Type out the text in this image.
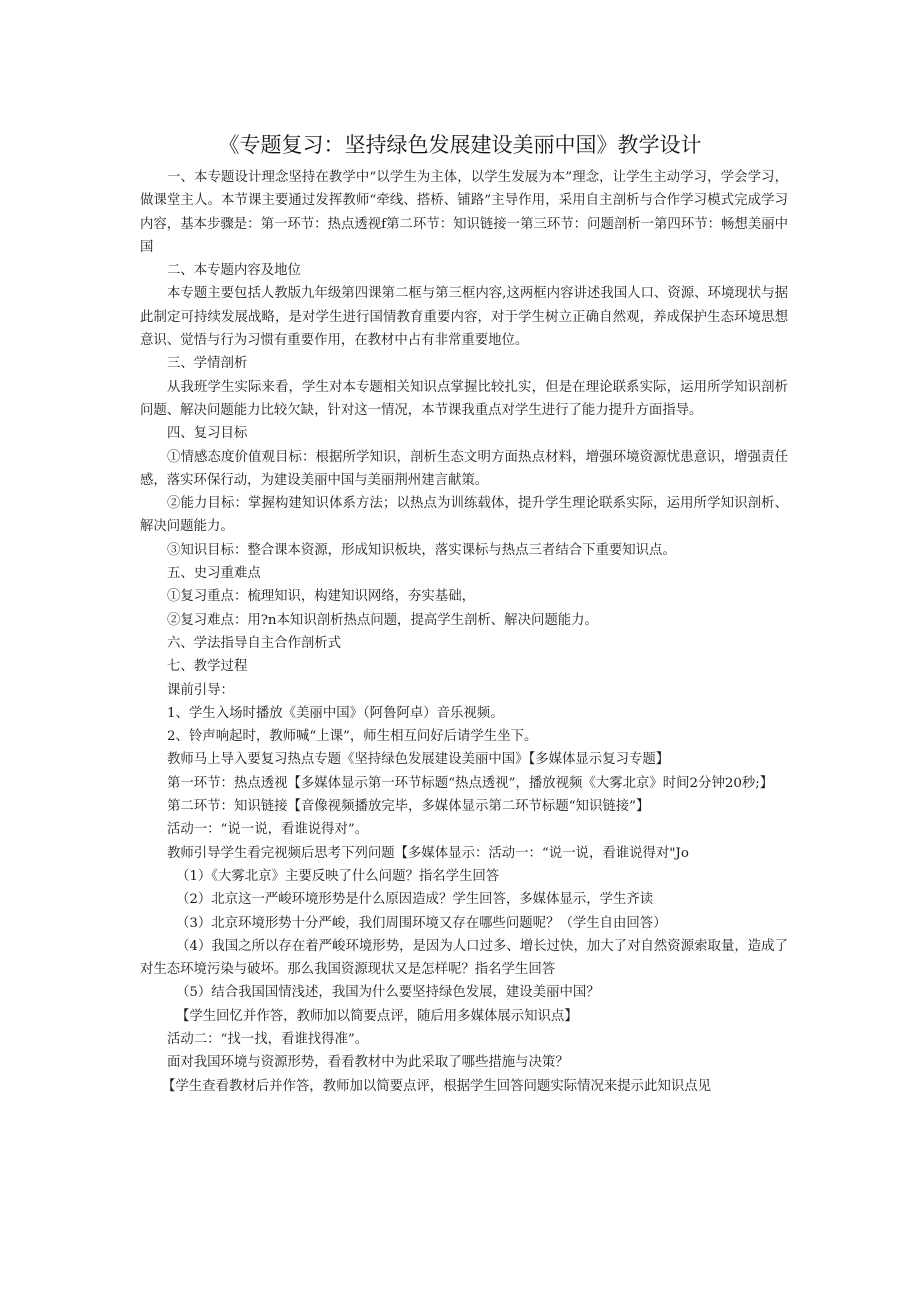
《专题复习：坚持绿色发展建设美丽中国》教学设计

一、本专题设计理念坚持在教学中“以学生为主体，以学生发展为本”理念，让学生主动学习，学会学习，做课堂主人。本节课主要通过发挥教师“牵线、搭桥、铺路”主导作用，采用自主剖析与合作学习模式完成学习内容，基本步骤是：第一环节：热点透视f第二环节：知识链接一第三环节：问题剖析一第四环节：畅想美丽中国

二、本专题内容及地位

本专题主要包括人教版九年级第四课第二框与第三框内容,这两框内容讲述我国人口、资源、环境现状与据此制定可持续发展战略，是对学生进行国情教育重要内容，对于学生树立正确自然观，养成保护生态环境思想意识、觉悟与行为习惯有重要作用，在教材中占有非常重要地位。

三、学情剖析

从我班学生实际来看，学生对本专题相关知识点掌握比较扎实，但是在理论联系实际，运用所学知识剖析问题、解决问题能力比较欠缺，针对这一情况，本节课我重点对学生进行了能力提升方面指导。

四、复习目标

①情感态度价值观目标：根据所学知识，剖析生态文明方面热点材料，增强环境资源忧患意识，增强责任感，落实环保行动，为建设美丽中国与美丽荆州建言献策。

②能力目标：掌握构建知识体系方法；以热点为训练载体，提升学生理论联系实际，运用所学知识剖析、解决问题能力。

③知识目标：整合课本资源，形成知识板块，落实课标与热点三者结合下重要知识点。

五、史习重难点

①复习重点：梳理知识，构建知识网络，夯实基础，

②复习难点：用?n本知识剖析热点问题，提高学生剖析、解决问题能力。

六、学法指导自主合作剖析式

七、教学过程

课前引导：

1、学生入场时播放《美丽中国》（阿鲁阿卓）音乐视频。

2、铃声响起时，教师喊“上课”，师生相互问好后请学生坐下。

教师马上导入要复习热点专题《坚持绿色发展建设美丽中国》【多媒体显示复习专题】

第一环节：热点透视【多媒体显示第一环节标题“热点透视”，播放视频《大雾北京》时间2分钟20秒;】

第二环节：知识链接【音像视频播放完毕，多媒体显示第二环节标题“知识链接”】

活动一：“说一说，看谁说得对”。

教师引导学生看完视频后思考下列问题【多媒体显示：活动一：“说一说，看谁说得对"Jo

（1）《大雾北京》主要反映了什么问题？指名学生回答

（2）北京这一严峻环境形势是什么原因造成？学生回答，多媒体显示，学生齐读

（3）北京环境形势十分严峻，我们周围环境又存在哪些问题呢？（学生自由回答）

（4）我国之所以存在着严峻环境形势，是因为人口过多、增长过快，加大了对自然资源索取量，造成了对生态环境污染与破坏。那么我国资源现状又是怎样呢？指名学生回答

（5）结合我国国情浅述，我国为什么要坚持绿色发展，建设美丽中国？

【学生回忆并作答，教师加以简要点评，随后用多媒体展示知识点】

活动二：“找一找，看谁找得准”。

面对我国环境与资源形势，看看教材中为此采取了哪些措施与决策？

【学生查看教材后并作答，教师加以简要点评，根据学生回答问题实际情况来提示此知识点见
